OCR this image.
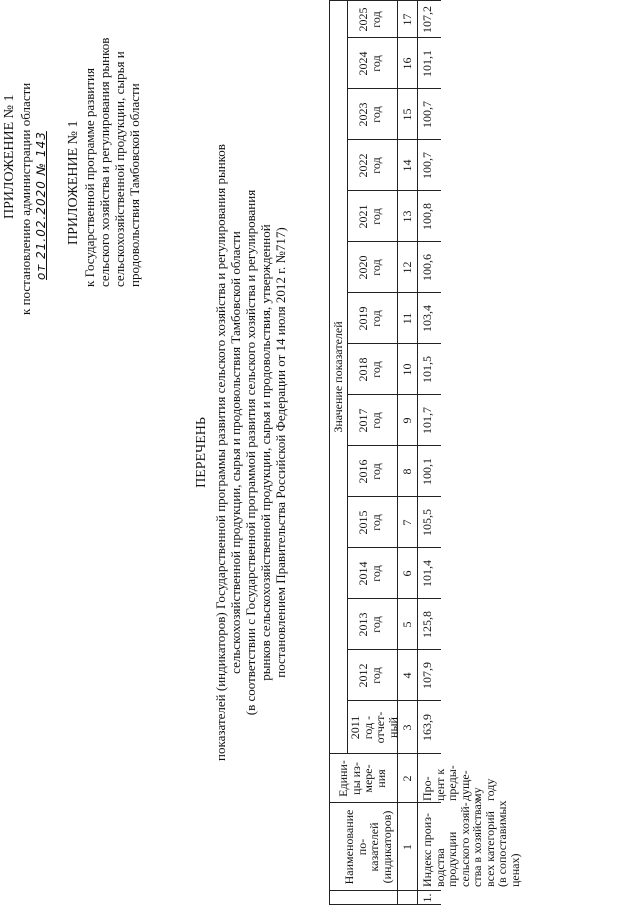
ПРИЛОЖЕНИЕ № 1 к постановлению администрации области от 21.02.2020 № 143 ПРИЛОЖЕНИЕ № 1 к Государственной программе развития сельского хозяйства и регулирования рынков сельскохозяйственной продукции, сырья и продовольствия Тамбовской области
ПЕРЕЧЕНЬ показателей (индикаторов) Государственной программы развития сельского хозяйства и регулирования рынков сельскохозяйственной продукции, сырья и продовольствия Тамбовской области (в соответствии с Государственной программой развития сельского хозяйства и регулирования рынков сельскохозяйственной продукции, сырья и продовольствия, утвержденной постановлением Правительства Российской Федерации от 14 июля 2012 г. №717)
Наименование по-
казателей
(индикаторов)
Едини-
цы из-
мере-
ния
Значение показателей
2011
год -
отчет-
ный
2012
год
2013
год
2014
год
2015
год
2016
год
2017
год
2018
год
2019
год
2020
год
2021
год
2022
год
2023
год
2024
год
2025
год
1
2
3
4
5
6
7
8
9
10
11
12
13
14
15
16
17
1.
Индекс произ-
водства продукции
сельского хозяй-
ства в хозяйствах
всех категорий
(в сопоставимых
ценах)
Про-
цент к
преды-
дуще-
му
году
163,9
107,9
125,8
101,4
105,5
100,1
101,7
101,5
103,4
100,6
100,8
100,7
100,7
101,1
107,2
